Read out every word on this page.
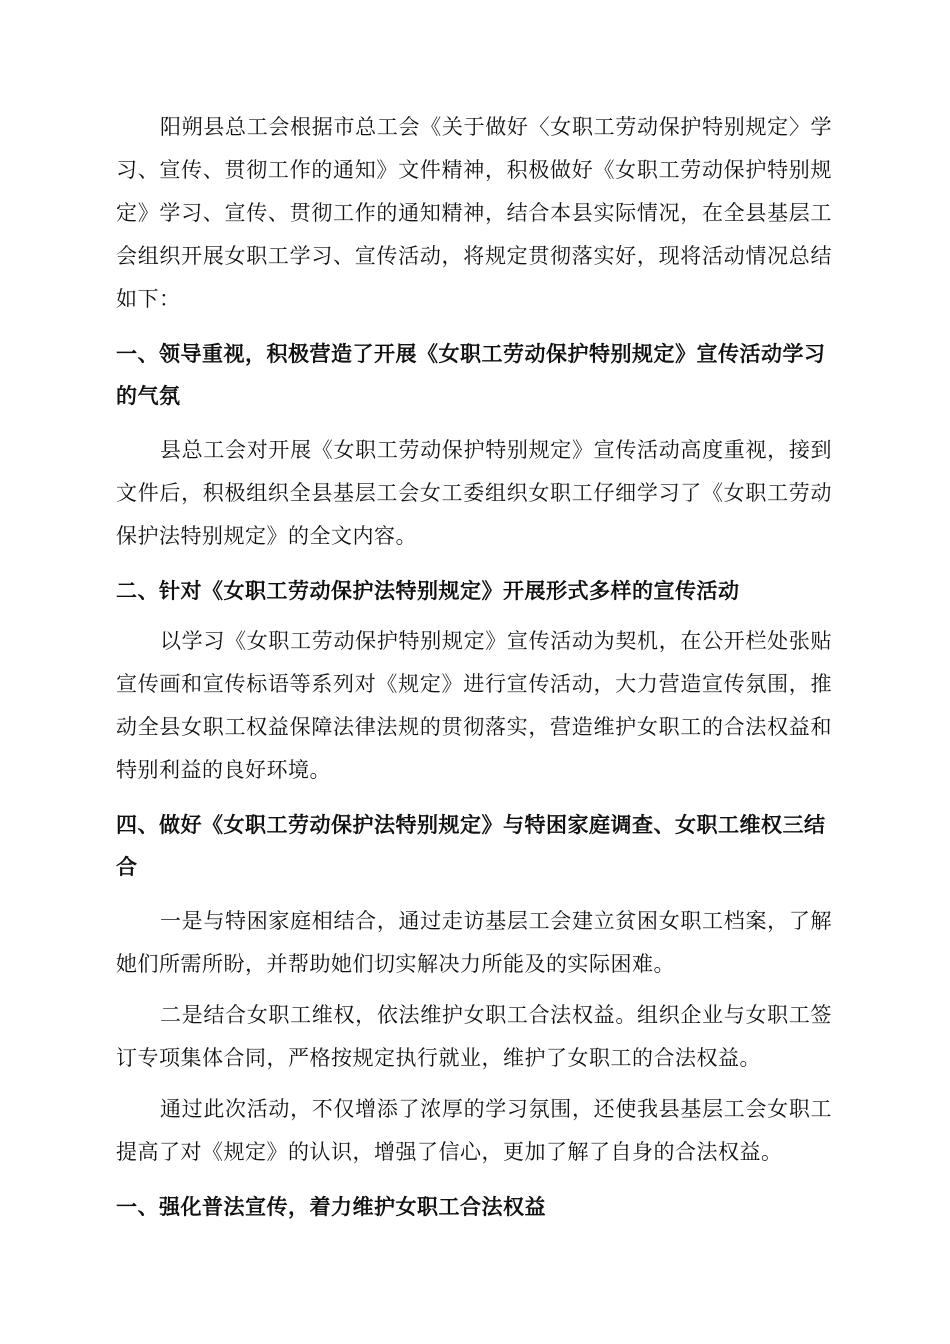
阳朔县总工会根据市总工会《关于做好〈女职工劳动保护特别规定〉学习、宣传、贯彻工作的通知》文件精神，积极做好《女职工劳动保护特别规定》学习、宣传、贯彻工作的通知精神，结合本县实际情况，在全县基层工会组织开展女职工学习、宣传活动，将规定贯彻落实好，现将活动情况总结如下：

一、领导重视，积极营造了开展《女职工劳动保护特别规定》宣传活动学习的气氛

县总工会对开展《女职工劳动保护特别规定》宣传活动高度重视，接到文件后，积极组织全县基层工会女工委组织女职工仔细学习了《女职工劳动保护法特别规定》的全文内容。

二、针对《女职工劳动保护法特别规定》开展形式多样的宣传活动

以学习《女职工劳动保护特别规定》宣传活动为契机，在公开栏处张贴宣传画和宣传标语等系列对《规定》进行宣传活动，大力营造宣传氛围，推动全县女职工权益保障法律法规的贯彻落实，营造维护女职工的合法权益和特别利益的良好环境。

四、做好《女职工劳动保护法特别规定》与特困家庭调查、女职工维权三结合

一是与特困家庭相结合，通过走访基层工会建立贫困女职工档案，了解她们所需所盼，并帮助她们切实解决力所能及的实际困难。

二是结合女职工维权，依法维护女职工合法权益。组织企业与女职工签订专项集体合同，严格按规定执行就业，维护了女职工的合法权益。

通过此次活动，不仅增添了浓厚的学习氛围，还使我县基层工会女职工提高了对《规定》的认识，增强了信心，更加了解了自身的合法权益。

一、强化普法宣传，着力维护女职工合法权益
